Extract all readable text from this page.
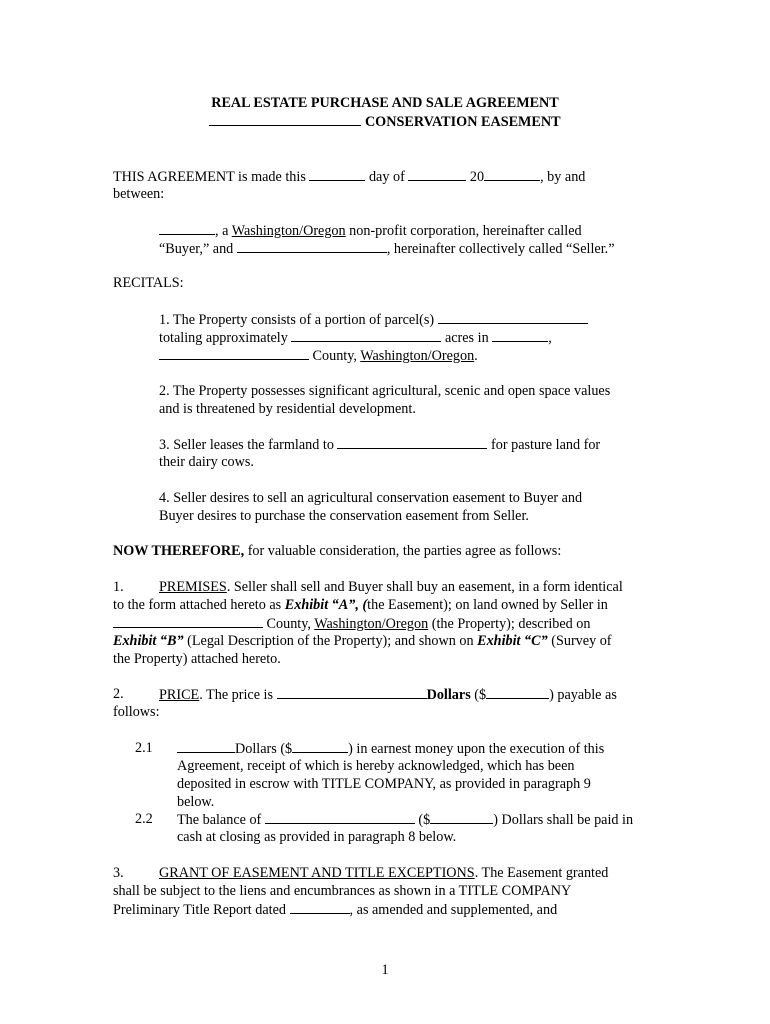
REAL ESTATE PURCHASE AND SALE AGREEMENT
CONSERVATION EASEMENT
THIS AGREEMENT is made this	day of	20	, by and
between:
, a Washington/Oregon non-profit corporation, hereinafter called
“Buyer,” and	, hereinafter collectively called “Seller.”
RECITALS:
1. The Property consists of a portion of parcel(s)
totaling approximately	acres in	,
County, Washington/Oregon.
2. The Property possesses significant agricultural, scenic and open space values
and is threatened by residential development.
3. Seller leases the farmland to	for pasture land for
their dairy cows.
4. Seller desires to sell an agricultural conservation easement to Buyer and
Buyer desires to purchase the conservation easement from Seller.
NOW THEREFORE, for valuable consideration, the parties agree as follows:
1. PREMISES. Seller shall sell and Buyer shall buy an easement, in a form identical
to the form attached hereto as Exhibit “A”, (the Easement); on land owned by Seller in
County, Washington/Oregon (the Property); described on
Exhibit “B” (Legal Description of the Property); and shown on Exhibit “C” (Survey of
the Property) attached hereto.
2. PRICE. The price is	Dollars ($	) payable as
follows:
2.1	Dollars ($	) in earnest money upon the execution of this
Agreement, receipt of which is hereby acknowledged, which has been
deposited in escrow with TITLE COMPANY, as provided in paragraph 9
below.
2.2 The balance of	($	) Dollars shall be paid in
cash at closing as provided in paragraph 8 below.
3. GRANT OF EASEMENT AND TITLE EXCEPTIONS. The Easement granted
shall be subject to the liens and encumbrances as shown in a TITLE COMPANY
Preliminary Title Report dated	, as amended and supplemented, and
1
